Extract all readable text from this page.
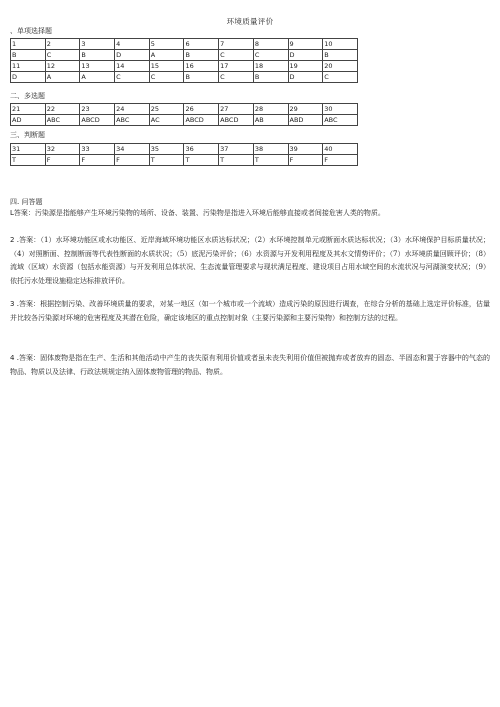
环境质量评价
、单项选择题
1	2	3	4	5	6	7	8	9	10
B	C	B	D	A	B	C	C	D	B
11	12	13	14	15	16	17	18	19	20
D	A	A	C	C	B	C	B	D	C
二、多选题
21	22	23	24	25	26	27	28	29	30
AD	ABC	ABCD	ABC	AC	ABCD	ABCD	AB	ABD	ABC
三、判断题
31	32	33	34	35	36	37	38	39	40
T	F	F	F	T	T	T	T	F	F
四. 问答题
L答案：污染源是指能够产生环境污染物的场所、设备、装置、污染物是指进入环境后能够直接或者间接危害人类的物质。
2 .答案：（1）水环境功能区或水功能区、近岸海域环境功能区水质达标状况；（2）水环境控制单元或断面水质达标状况；（3）水环境保护目标质量状况；（4）对照断面、控制断面等代表性断面的水质状况；（5）底泥污染评价；（6）水资源与开发利用程度及其水文情势评价；（7）水环境质量回顾评价；（8）流域（区域）水资源（包括水能资源）与开发利用总体状况、生态流量管理要求与现状满足程度、建设项目占用水域空间的水流状况与河湖演变状况；（9）依托污水处理设施稳定达标排放评价。
3 .答案：根据控制污染、改善环境质量的要求，对某一地区（如一个城市或一个流域）造成污染的原因进行调查，在综合分析的基础上选定评价标准，估量并比较各污染源对环境的危害程度及其潜在危险，确定该地区的重点控制对象（主要污染源和主要污染物）和控制方法的过程。
4 .答案：固体废物是指在生产、生活和其他活动中产生的丧失原有利用价值或者虽未丧失利用价值但被抛弃或者放弃的固态、半固态和置于容器中的气态的物品、物质以及法律、行政法规规定纳入固体废物管理的物品、物质。
